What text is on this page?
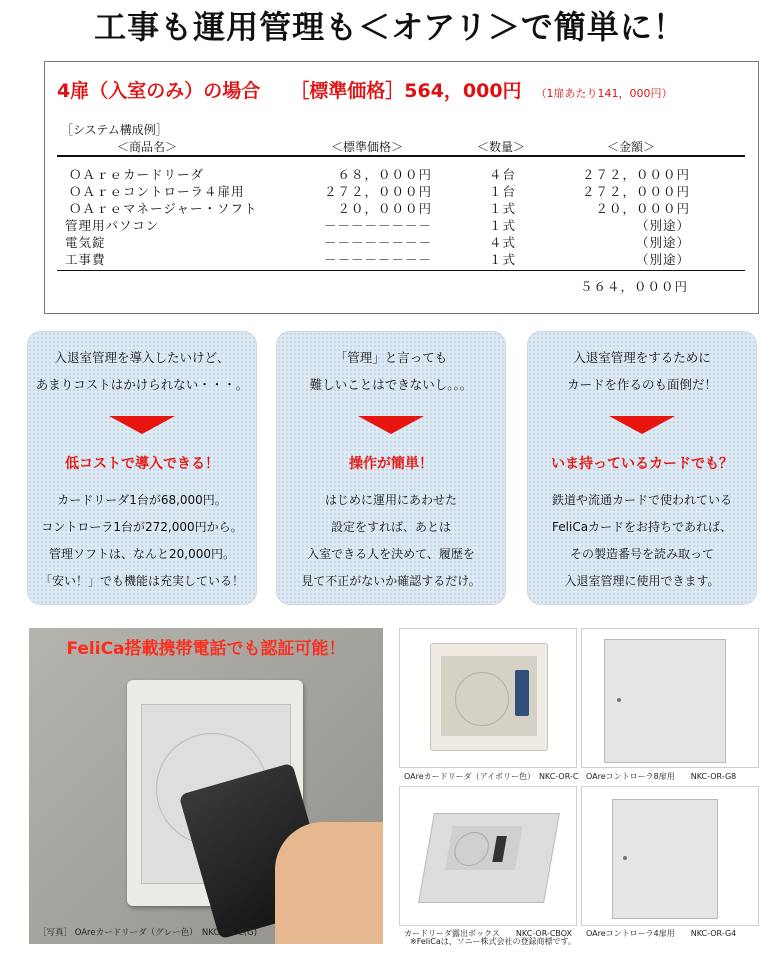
工事も運用管理も＜オアリ＞で簡単に！
4扉（入室のみ）の場合 ［標準価格］564，000円 （1扉あたり141，000円）
［システム構成例］
＜商品名＞	＜標準価格＞	＜数量＞	＜金額＞
ＯＡｒｅカードリーダ	６８，０００円	４台	２７２，０００円
ＯＡｒｅコントローラ４扉用	２７２，０００円	１台	２７２，０００円
ＯＡｒｅマネージャー・ソフト	２０，０００円	１式	２０，０００円
管理用パソコン	－－－－－－－－	１式	（別途）
電気錠	－－－－－－－－	４式	（別途）
工事費	－－－－－－－－	１式	（別途）
５６４，０００円
入退室管理を導入したいけど、
あまりコストはかけられない・・・。
低コストで導入できる！
カードリーダ1台が68,000円。
コントローラ1台が272,000円から。
管理ソフトは、なんと20,000円。
「安い！」でも機能は充実している！
「管理」と言っても
難しいことはできないし。。。
操作が簡単！
はじめに運用にあわせた
設定をすれば、あとは
入室できる人を決めて、履歴を
見て不正がないか確認するだけ。
入退室管理をするために
カードを作るのも面倒だ！
いま持っているカードでも？
鉄道や流通カードで使われている
FeliCaカードをお持ちであれば、
その製造番号を読み取って
入退室管理に使用できます。
FeliCa搭載携帯電話でも認証可能！
［写真］ OAreカードリーダ（グレー色）　NKC-OR-C(G)
OAreカードリーダ（アイボリー色）　NKC-OR-C OAreコントローラ8扉用　　NKC-OR-G8
カードリーダ露出ボックス　　NKC-OR-CBOX OAreコントローラ4扉用　　NKC-OR-G4
※FeliCaは、ソニー株式会社の登録商標です。
